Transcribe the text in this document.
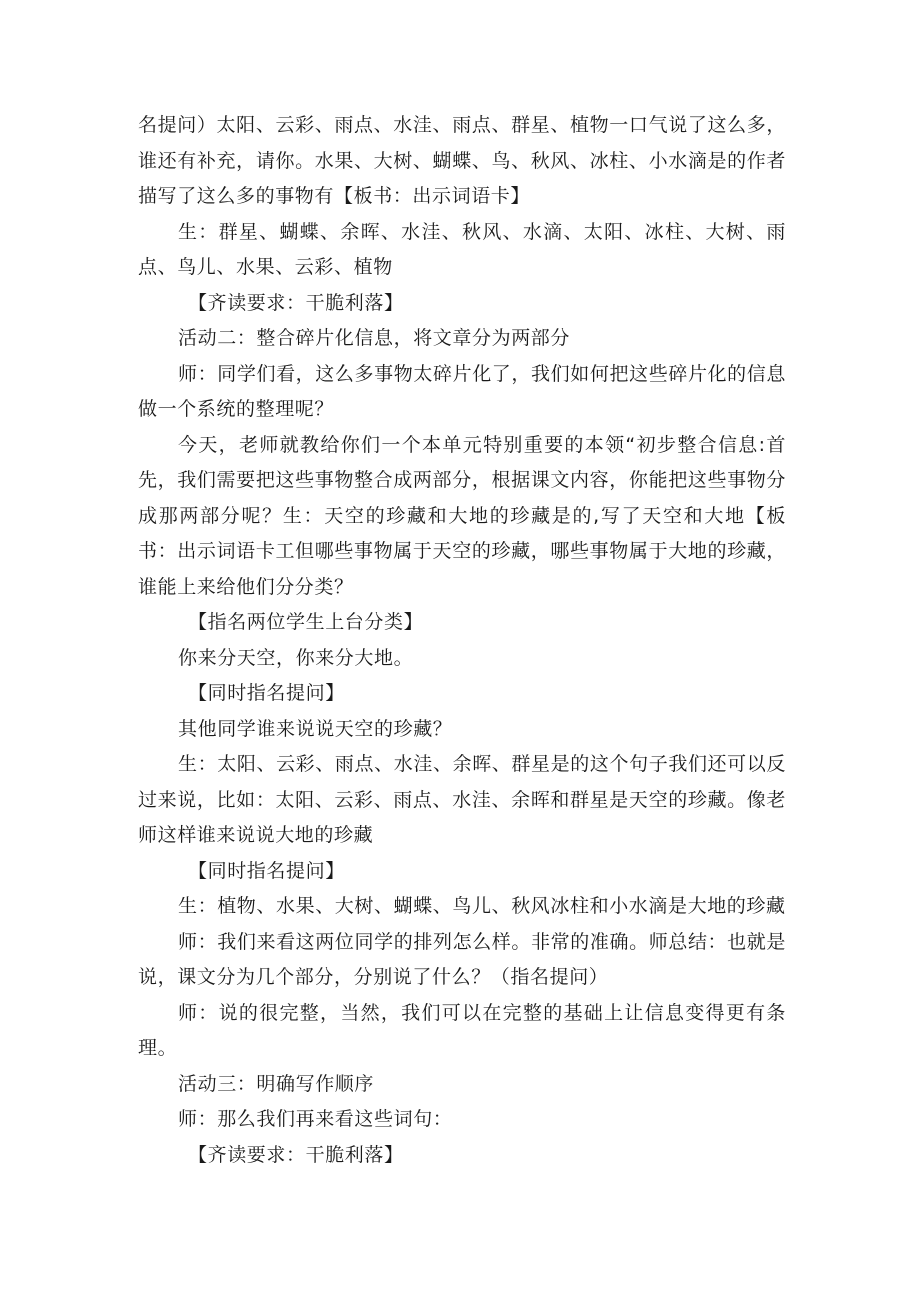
名提问）太阳、云彩、雨点、水洼、雨点、群星、植物一口气说了这么多，谁还有补充，请你。水果、大树、蝴蝶、鸟、秋风、冰柱、小水滴是的作者描写了这么多的事物有【板书：出示词语卡】

生：群星、蝴蝶、余晖、水洼、秋风、水滴、太阳、冰柱、大树、雨点、鸟儿、水果、云彩、植物

【齐读要求：干脆利落】

活动二：整合碎片化信息，将文章分为两部分

师：同学们看，这么多事物太碎片化了，我们如何把这些碎片化的信息做一个系统的整理呢？

今天，老师就教给你们一个本单元特别重要的本领“初步整合信息:首先，我们需要把这些事物整合成两部分，根据课文内容，你能把这些事物分成那两部分呢？生：天空的珍藏和大地的珍藏是的,写了天空和大地【板书：出示词语卡工但哪些事物属于天空的珍藏，哪些事物属于大地的珍藏，谁能上来给他们分分类？

【指名两位学生上台分类】

你来分天空，你来分大地。

【同时指名提问】

其他同学谁来说说天空的珍藏？

生：太阳、云彩、雨点、水洼、余晖、群星是的这个句子我们还可以反过来说，比如：太阳、云彩、雨点、水洼、余晖和群星是天空的珍藏。像老师这样谁来说说大地的珍藏

【同时指名提问】

生：植物、水果、大树、蝴蝶、鸟儿、秋风冰柱和小水滴是大地的珍藏

师：我们来看这两位同学的排列怎么样。非常的准确。师总结：也就是说，课文分为几个部分，分别说了什么？（指名提问）

师：说的很完整，当然，我们可以在完整的基础上让信息变得更有条理。

活动三：明确写作顺序

师：那么我们再来看这些词句：

【齐读要求：干脆利落】
